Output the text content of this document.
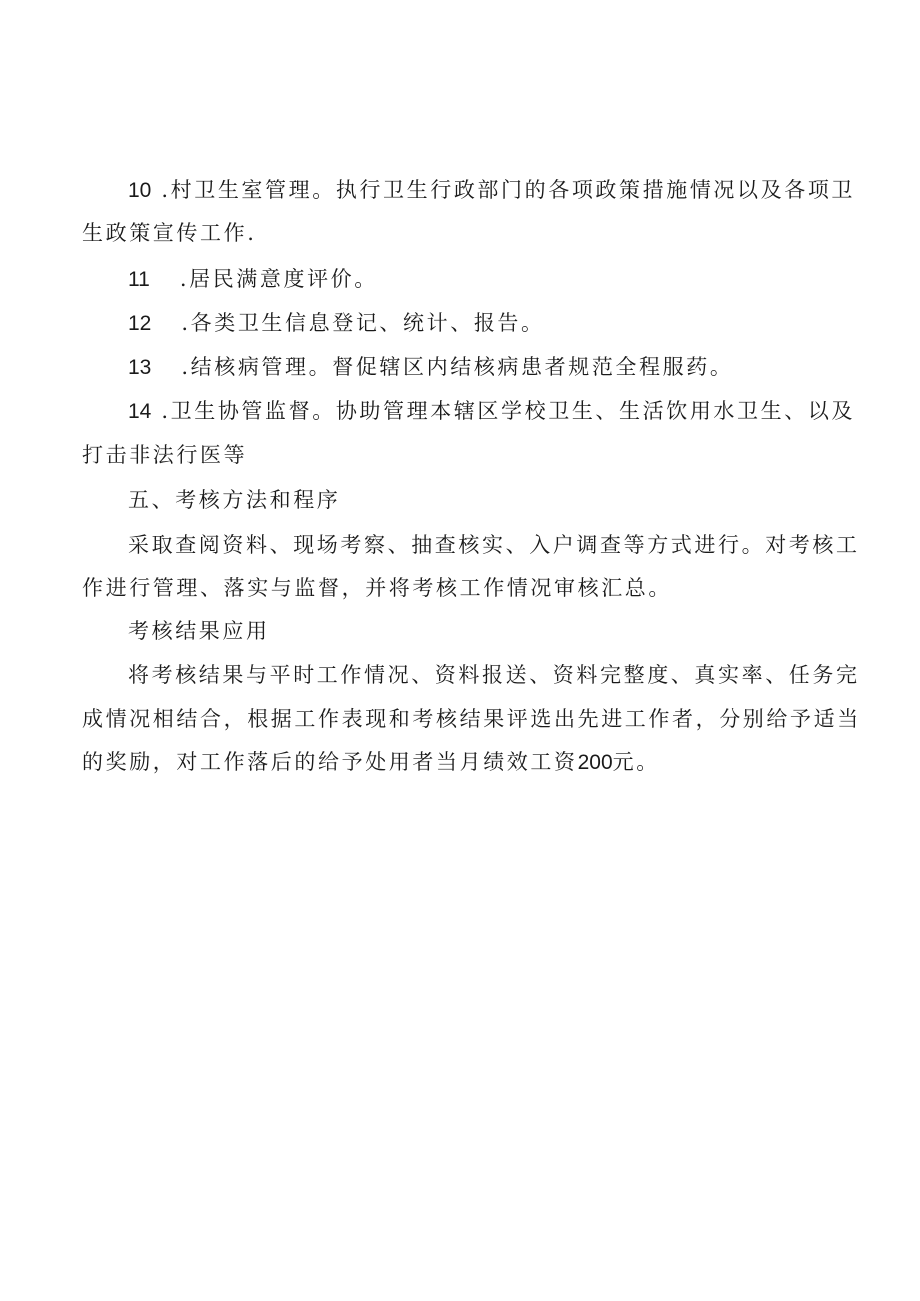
10 .村卫生室管理。执行卫生行政部门的各项政策措施情况以及各项卫
生政策宣传工作.
11 .居民满意度评价。
12 .各类卫生信息登记、统计、报告。
13 .结核病管理。督促辖区内结核病患者规范全程服药。
14 .卫生协管监督。协助管理本辖区学校卫生、生活饮用水卫生、以及
打击非法行医等
五、考核方法和程序
采取查阅资料、现场考察、抽查核实、入户调查等方式进行。对考核工
作进行管理、落实与监督，并将考核工作情况审核汇总。
考核结果应用
将考核结果与平时工作情况、资料报送、资料完整度、真实率、任务完
成情况相结合，根据工作表现和考核结果评选出先进工作者，分别给予适当
的奖励，对工作落后的给予处用者当月绩效工资200元。
